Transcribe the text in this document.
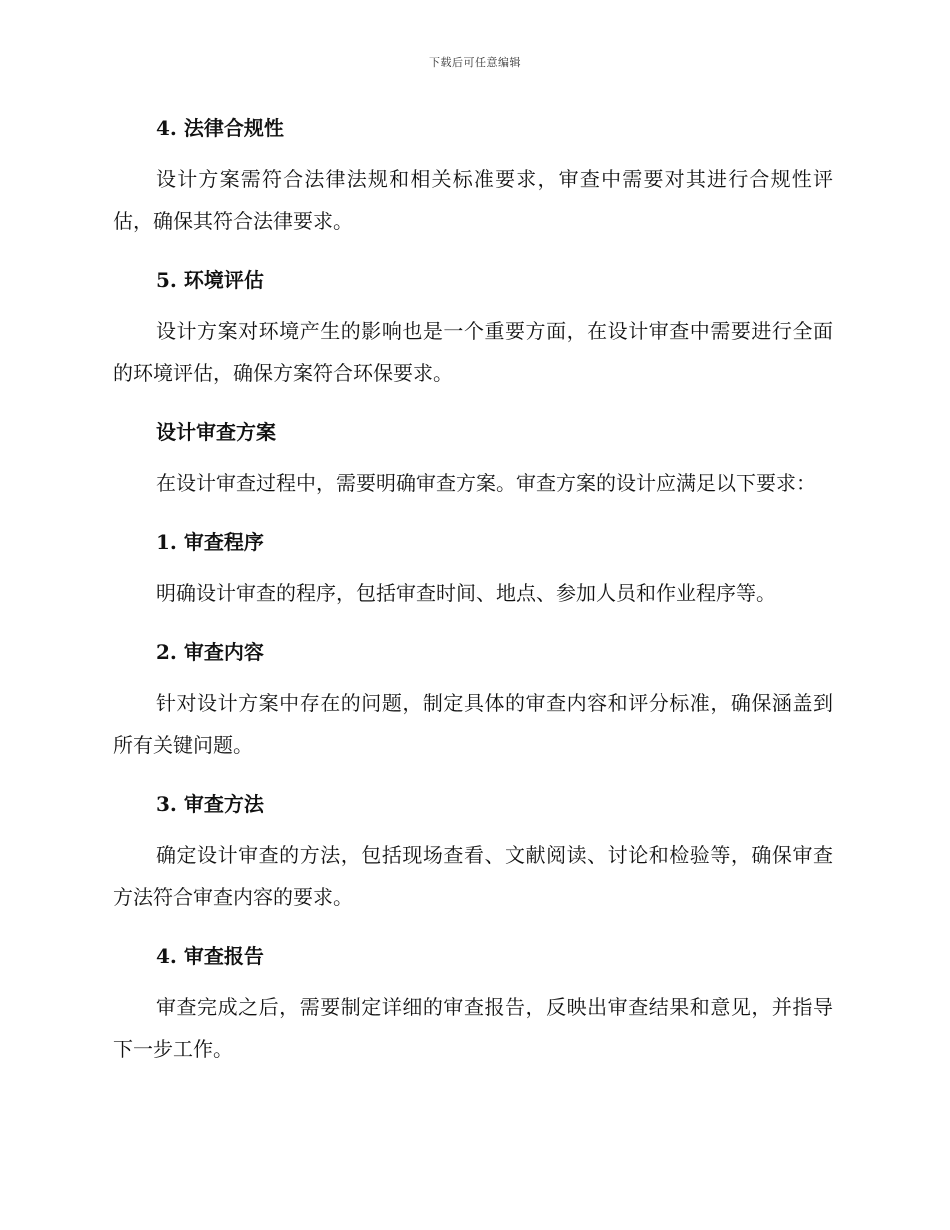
下载后可任意编辑
4. 法律合规性

设计方案需符合法律法规和相关标准要求，审查中需要对其进行合规性评估，确保其符合法律要求。

5. 环境评估

设计方案对环境产生的影响也是一个重要方面，在设计审查中需要进行全面的环境评估，确保方案符合环保要求。

设计审查方案

在设计审查过程中，需要明确审查方案。审查方案的设计应满足以下要求：

1. 审查程序

明确设计审查的程序，包括审查时间、地点、参加人员和作业程序等。

2. 审查内容

针对设计方案中存在的问题，制定具体的审查内容和评分标准，确保涵盖到所有关键问题。

3. 审查方法

确定设计审查的方法，包括现场查看、文献阅读、讨论和检验等，确保审查方法符合审查内容的要求。

4. 审查报告

审查完成之后，需要制定详细的审查报告，反映出审查结果和意见，并指导下一步工作。
